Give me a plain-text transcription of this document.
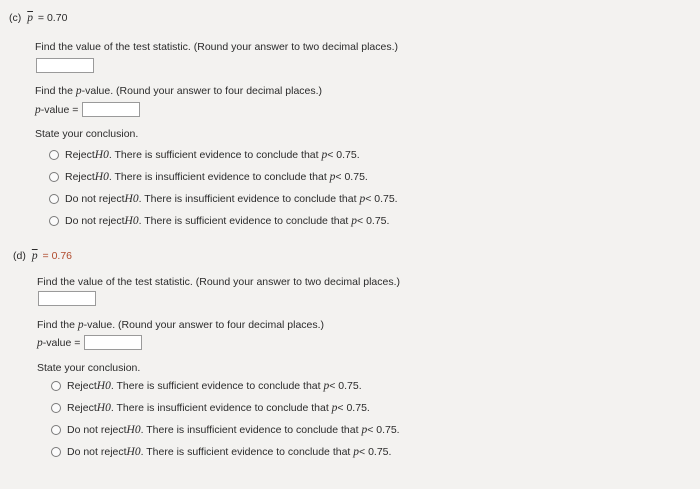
(c) $\overline{p} = 0.70$
Find the value of the test statistic. (Round your answer to two decimal places.)
Find the p-value. (Round your answer to four decimal places.)
p -value =
State your conclusion.
Reject H 0 . There is sufficient evidence to conclude that
p < 0.75.
Reject H 0 . There is insufficient evidence to conclude that
p < 0.75.
Do not reject H 0 . There is insufficient evidence to conclude that
p < 0.75.
Do not reject H 0 . There is sufficient evidence to conclude that
p < 0.75.
(d) $\overline{p} = 0.76$
Find the value of the test statistic. (Round your answer to two decimal places.)
Find the p-value. (Round your answer to four decimal places.)
p -value =
State your conclusion.
Reject H 0 . There is sufficient evidence to conclude that
p < 0.75.
Reject H 0 . There is insufficient evidence to conclude that
p < 0.75.
Do not reject H 0 . There is insufficient evidence to conclude that
p < 0.75.
Do not reject H 0 . There is sufficient evidence to conclude that
p < 0.75.
